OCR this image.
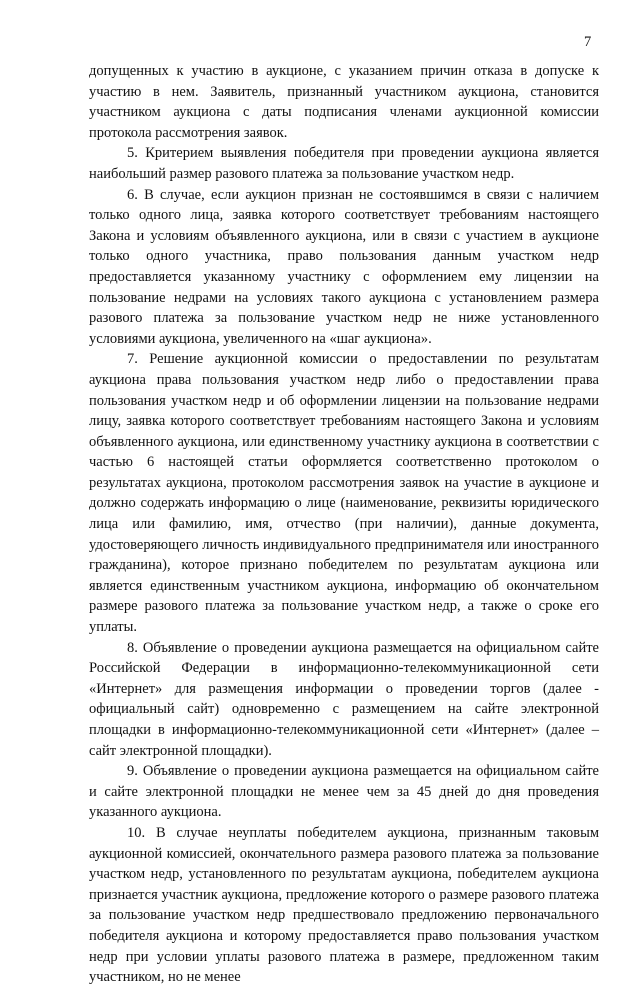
7

допущенных к участию в аукционе, с указанием причин отказа в допуске к участию в нем. Заявитель, признанный участником аукциона, становится участником аукциона с даты подписания членами аукционной комиссии протокола рассмотрения заявок.

5. Критерием выявления победителя при проведении аукциона является наибольший размер разового платежа за пользование участком недр.

6. В случае, если аукцион признан не состоявшимся в связи с наличием только одного лица, заявка которого соответствует требованиям настоящего Закона и условиям объявленного аукциона, или в связи с участием в аукционе только одного участника, право пользования данным участком недр предоставляется указанному участнику с оформлением ему лицензии на пользование недрами на условиях такого аукциона с установлением размера разового платежа за пользование участком недр не ниже установленного условиями аукциона, увеличенного на «шаг аукциона».

7. Решение аукционной комиссии о предоставлении по результатам аукциона права пользования участком недр либо о предоставлении права пользования участком недр и об оформлении лицензии на пользование недрами лицу, заявка которого соответствует требованиям настоящего Закона и условиям объявленного аукциона, или единственному участнику аукциона в соответствии с частью 6 настоящей статьи оформляется соответственно протоколом о результатах аукциона, протоколом рассмотрения заявок на участие в аукционе и должно содержать информацию о лице (наименование, реквизиты юридического лица или фамилию, имя, отчество (при наличии), данные документа, удостоверяющего личность индивидуального предпринимателя или иностранного гражданина), которое признано победителем по результатам аукциона или является единственным участником аукциона, информацию об окончательном размере разового платежа за пользование участком недр, а также о сроке его уплаты.

8. Объявление о проведении аукциона размещается на официальном сайте Российской Федерации в информационно-телекоммуникационной сети «Интернет» для размещения информации о проведении торгов (далее - официальный сайт) одновременно с размещением на сайте электронной площадки в информационно-телекоммуникационной сети «Интернет» (далее – сайт электронной площадки).

9. Объявление о проведении аукциона размещается на официальном сайте и сайте электронной площадки не менее чем за 45 дней до дня проведения указанного аукциона.

10. В случае неуплаты победителем аукциона, признанным таковым аукционной комиссией, окончательного размера разового платежа за пользование участком недр, установленного по результатам аукциона, победителем аукциона признается участник аукциона, предложение которого о размере разового платежа за пользование участком недр предшествовало предложению первоначального победителя аукциона и которому предоставляется право пользования участком недр при условии уплаты разового платежа в размере, предложенном таким участником, но не менее
